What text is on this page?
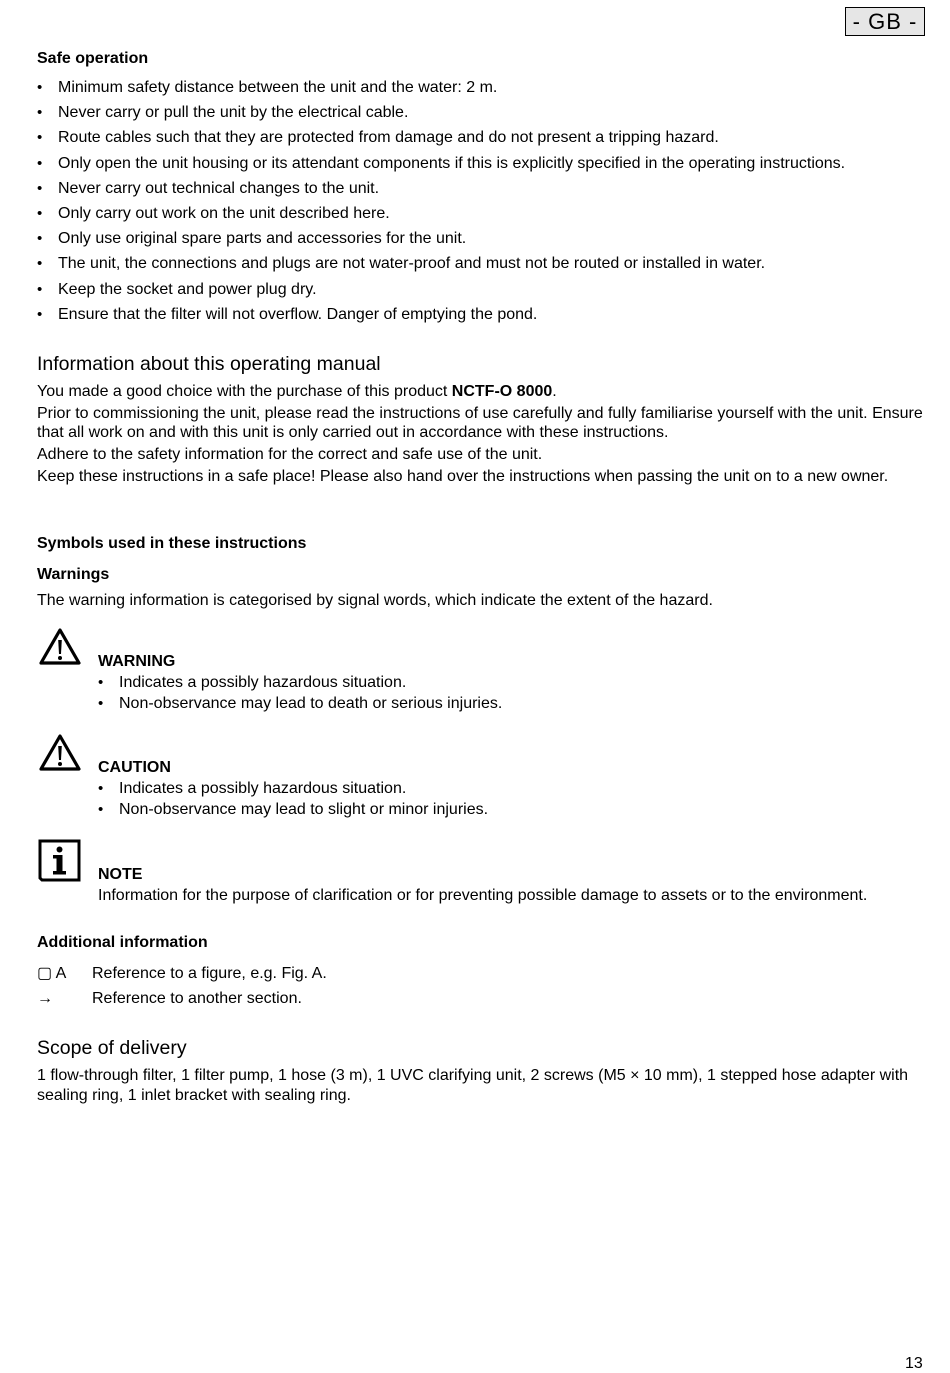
- GB -
Safe operation
• Minimum safety distance between the unit and the water: 2 m.
• Never carry or pull the unit by the electrical cable.
• Route cables such that they are protected from damage and do not present a tripping hazard.
• Only open the unit housing or its attendant components if this is explicitly specified in the operating instructions.
• Never carry out technical changes to the unit.
• Only carry out work on the unit described here.
• Only use original spare parts and accessories for the unit.
• The unit, the connections and plugs are not water-proof and must not be routed or installed in water.
• Keep the socket and power plug dry.
• Ensure that the filter will not overflow. Danger of emptying the pond.
Information about this operating manual

You made a good choice with the purchase of this product NCTF-O 8000.

Prior to commissioning the unit, please read the instructions of use carefully and fully familiarise yourself with the unit. Ensure that all work on and with this unit is only carried out in accordance with these instructions.

Adhere to the safety information for the correct and safe use of the unit.

Keep these instructions in a safe place! Please also hand over the instructions when passing the unit on to a new owner.

Symbols used in these instructions
Warnings
The warning information is categorised by signal words, which indicate the extent of the hazard.
WARNING
• Indicates a possibly hazardous situation.
• Non-observance may lead to death or serious injuries.
CAUTION
• Indicates a possibly hazardous situation.
• Non-observance may lead to slight or minor injuries.
NOTE
Information for the purpose of clarification or for preventing possible damage to assets or to the environment.
Additional information
▢ A Reference to a figure, e.g. Fig. A.
→ Reference to another section.
Scope of delivery
1 flow-through filter, 1 filter pump, 1 hose (3 m), 1 UVC clarifying unit, 2 screws (M5 × 10 mm), 1 stepped hose adapter with sealing ring, 1 inlet bracket with sealing ring.
13
